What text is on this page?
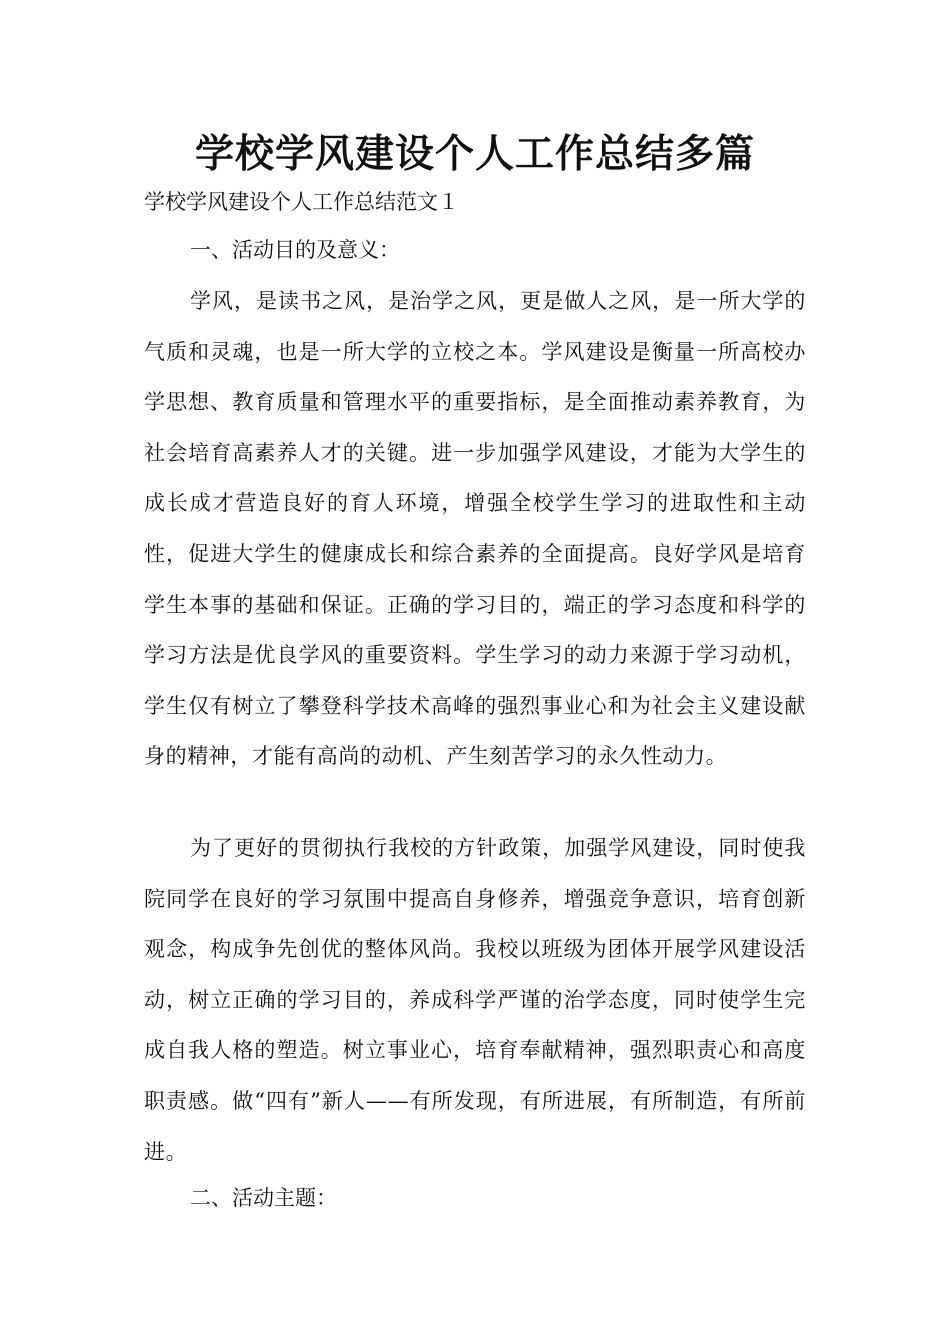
学校学风建设个人工作总结多篇

学校学风建设个人工作总结范文１

一、活动目的及意义：

学风，是读书之风，是治学之风，更是做人之风，是一所大学的气质和灵魂，也是一所大学的立校之本。学风建设是衡量一所高校办学思想、教育质量和管理水平的重要指标，是全面推动素养教育，为社会培育高素养人才的关键。进一步加强学风建设，才能为大学生的成长成才营造良好的育人环境，增强全校学生学习的进取性和主动性，促进大学生的健康成长和综合素养的全面提高。良好学风是培育学生本事的基础和保证。正确的学习目的，端正的学习态度和科学的学习方法是优良学风的重要资料。学生学习的动力来源于学习动机，学生仅有树立了攀登科学技术高峰的强烈事业心和为社会主义建设献身的精神，才能有高尚的动机、产生刻苦学习的永久性动力。

为了更好的贯彻执行我校的方针政策，加强学风建设，同时使我院同学在良好的学习氛围中提高自身修养，增强竞争意识，培育创新观念，构成争先创优的整体风尚。我校以班级为团体开展学风建设活动，树立正确的学习目的，养成科学严谨的治学态度，同时使学生完成自我人格的塑造。树立事业心，培育奉献精神，强烈职责心和高度职责感。做“四有”新人——有所发现，有所进展，有所制造，有所前进。

二、活动主题：
